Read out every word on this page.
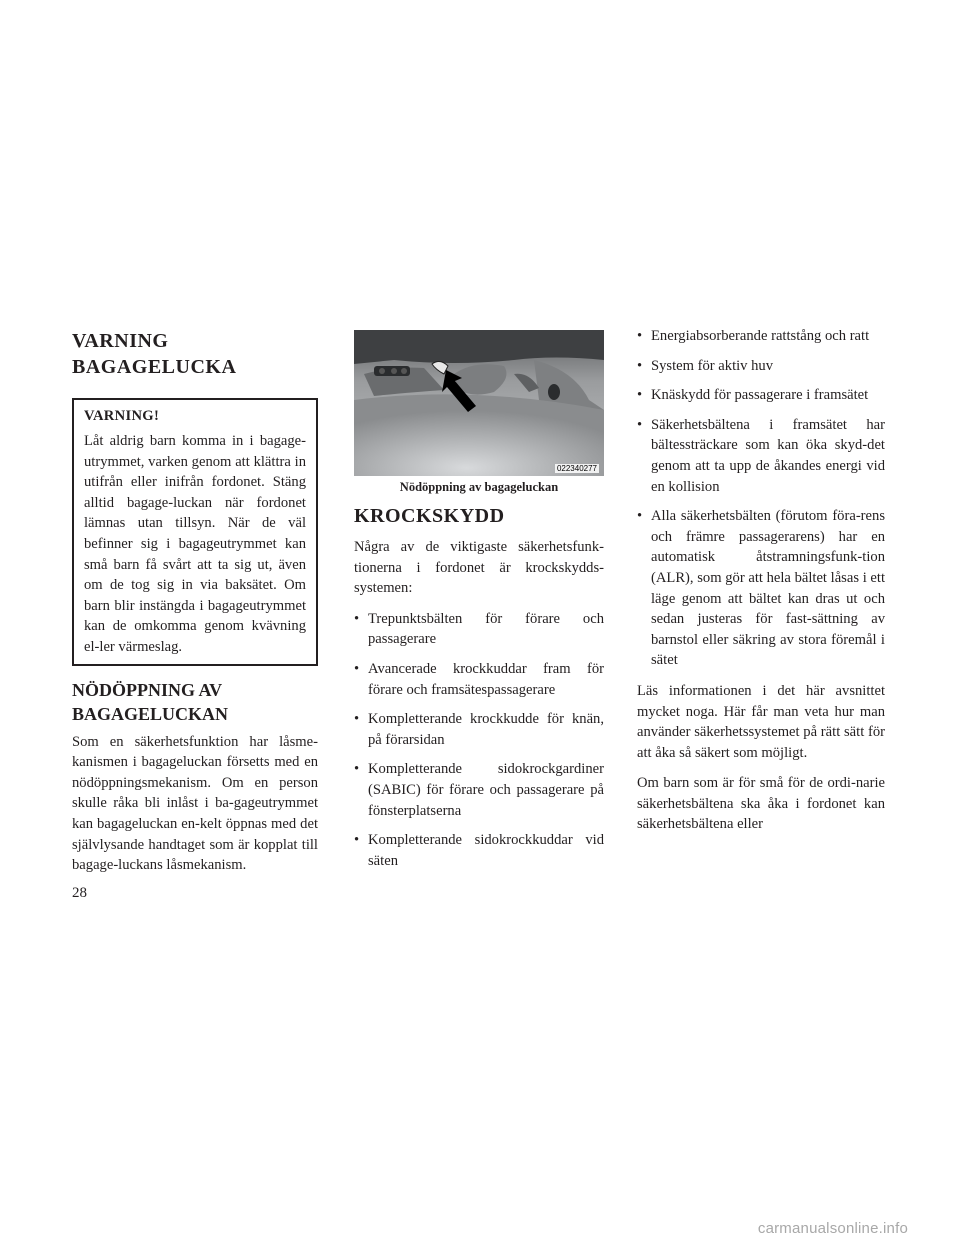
VARNING
BAGAGELUCKA
VARNING!

Låt aldrig barn komma in i bagage-utrymmet, varken genom att klättra in utifrån eller inifrån fordonet. Stäng alltid bagage-luckan när fordonet lämnas utan tillsyn. När de väl befinner sig i bagageutrymmet kan små barn få svårt att ta sig ut, även om de tog sig in via baksätet. Om barn blir instängda i bagageutrymmet kan de omkomma genom kvävning el-ler värmeslag.

NÖDÖPPNING AV
BAGAGELUCKAN

Som en säkerhetsfunktion har låsme-kanismen i bagageluckan försetts med en nödöppningsmekanism. Om en person skulle råka bli inlåst i ba-gageutrymmet kan bagageluckan en-kelt öppnas med det självlysande handtaget som är kopplat till bagage-luckans låsmekanism.

022340277
Nödöppning av bagageluckan
KROCKSKYDD

Några av de viktigaste säkerhetsfunk-tionerna i fordonet är krockskydds-systemen:

• Trepunktsbälten för förare och passagerare
• Avancerade krockkuddar fram för förare och framsätespassagerare
• Kompletterande krockkudde för knän, på förarsidan
• Kompletterande sidokrockgardiner (SABIC) för förare och passagerare på fönsterplatserna
• Kompletterande sidokrockkuddar vid säten
• Energiabsorberande rattstång och ratt
• System för aktiv huv
• Knäskydd för passagerare i framsätet
• Säkerhetsbältena i framsätet har bältessträckare som kan öka skyd-det genom att ta upp de åkandes energi vid en kollision
• Alla säkerhetsbälten (förutom föra-rens och främre passagerarens) har en automatisk åtstramningsfunk-tion (ALR), som gör att hela bältet låsas i ett läge genom att bältet kan dras ut och sedan justeras för fast-sättning av barnstol eller säkring av stora föremål i sätet

Läs informationen i det här avsnittet mycket noga. Här får man veta hur man använder säkerhetssystemet på rätt sätt för att åka så säkert som möjligt.

Om barn som är för små för de ordi-narie säkerhetsbältena ska åka i fordonet kan säkerhetsbältena eller

28
carmanualsonline.info
